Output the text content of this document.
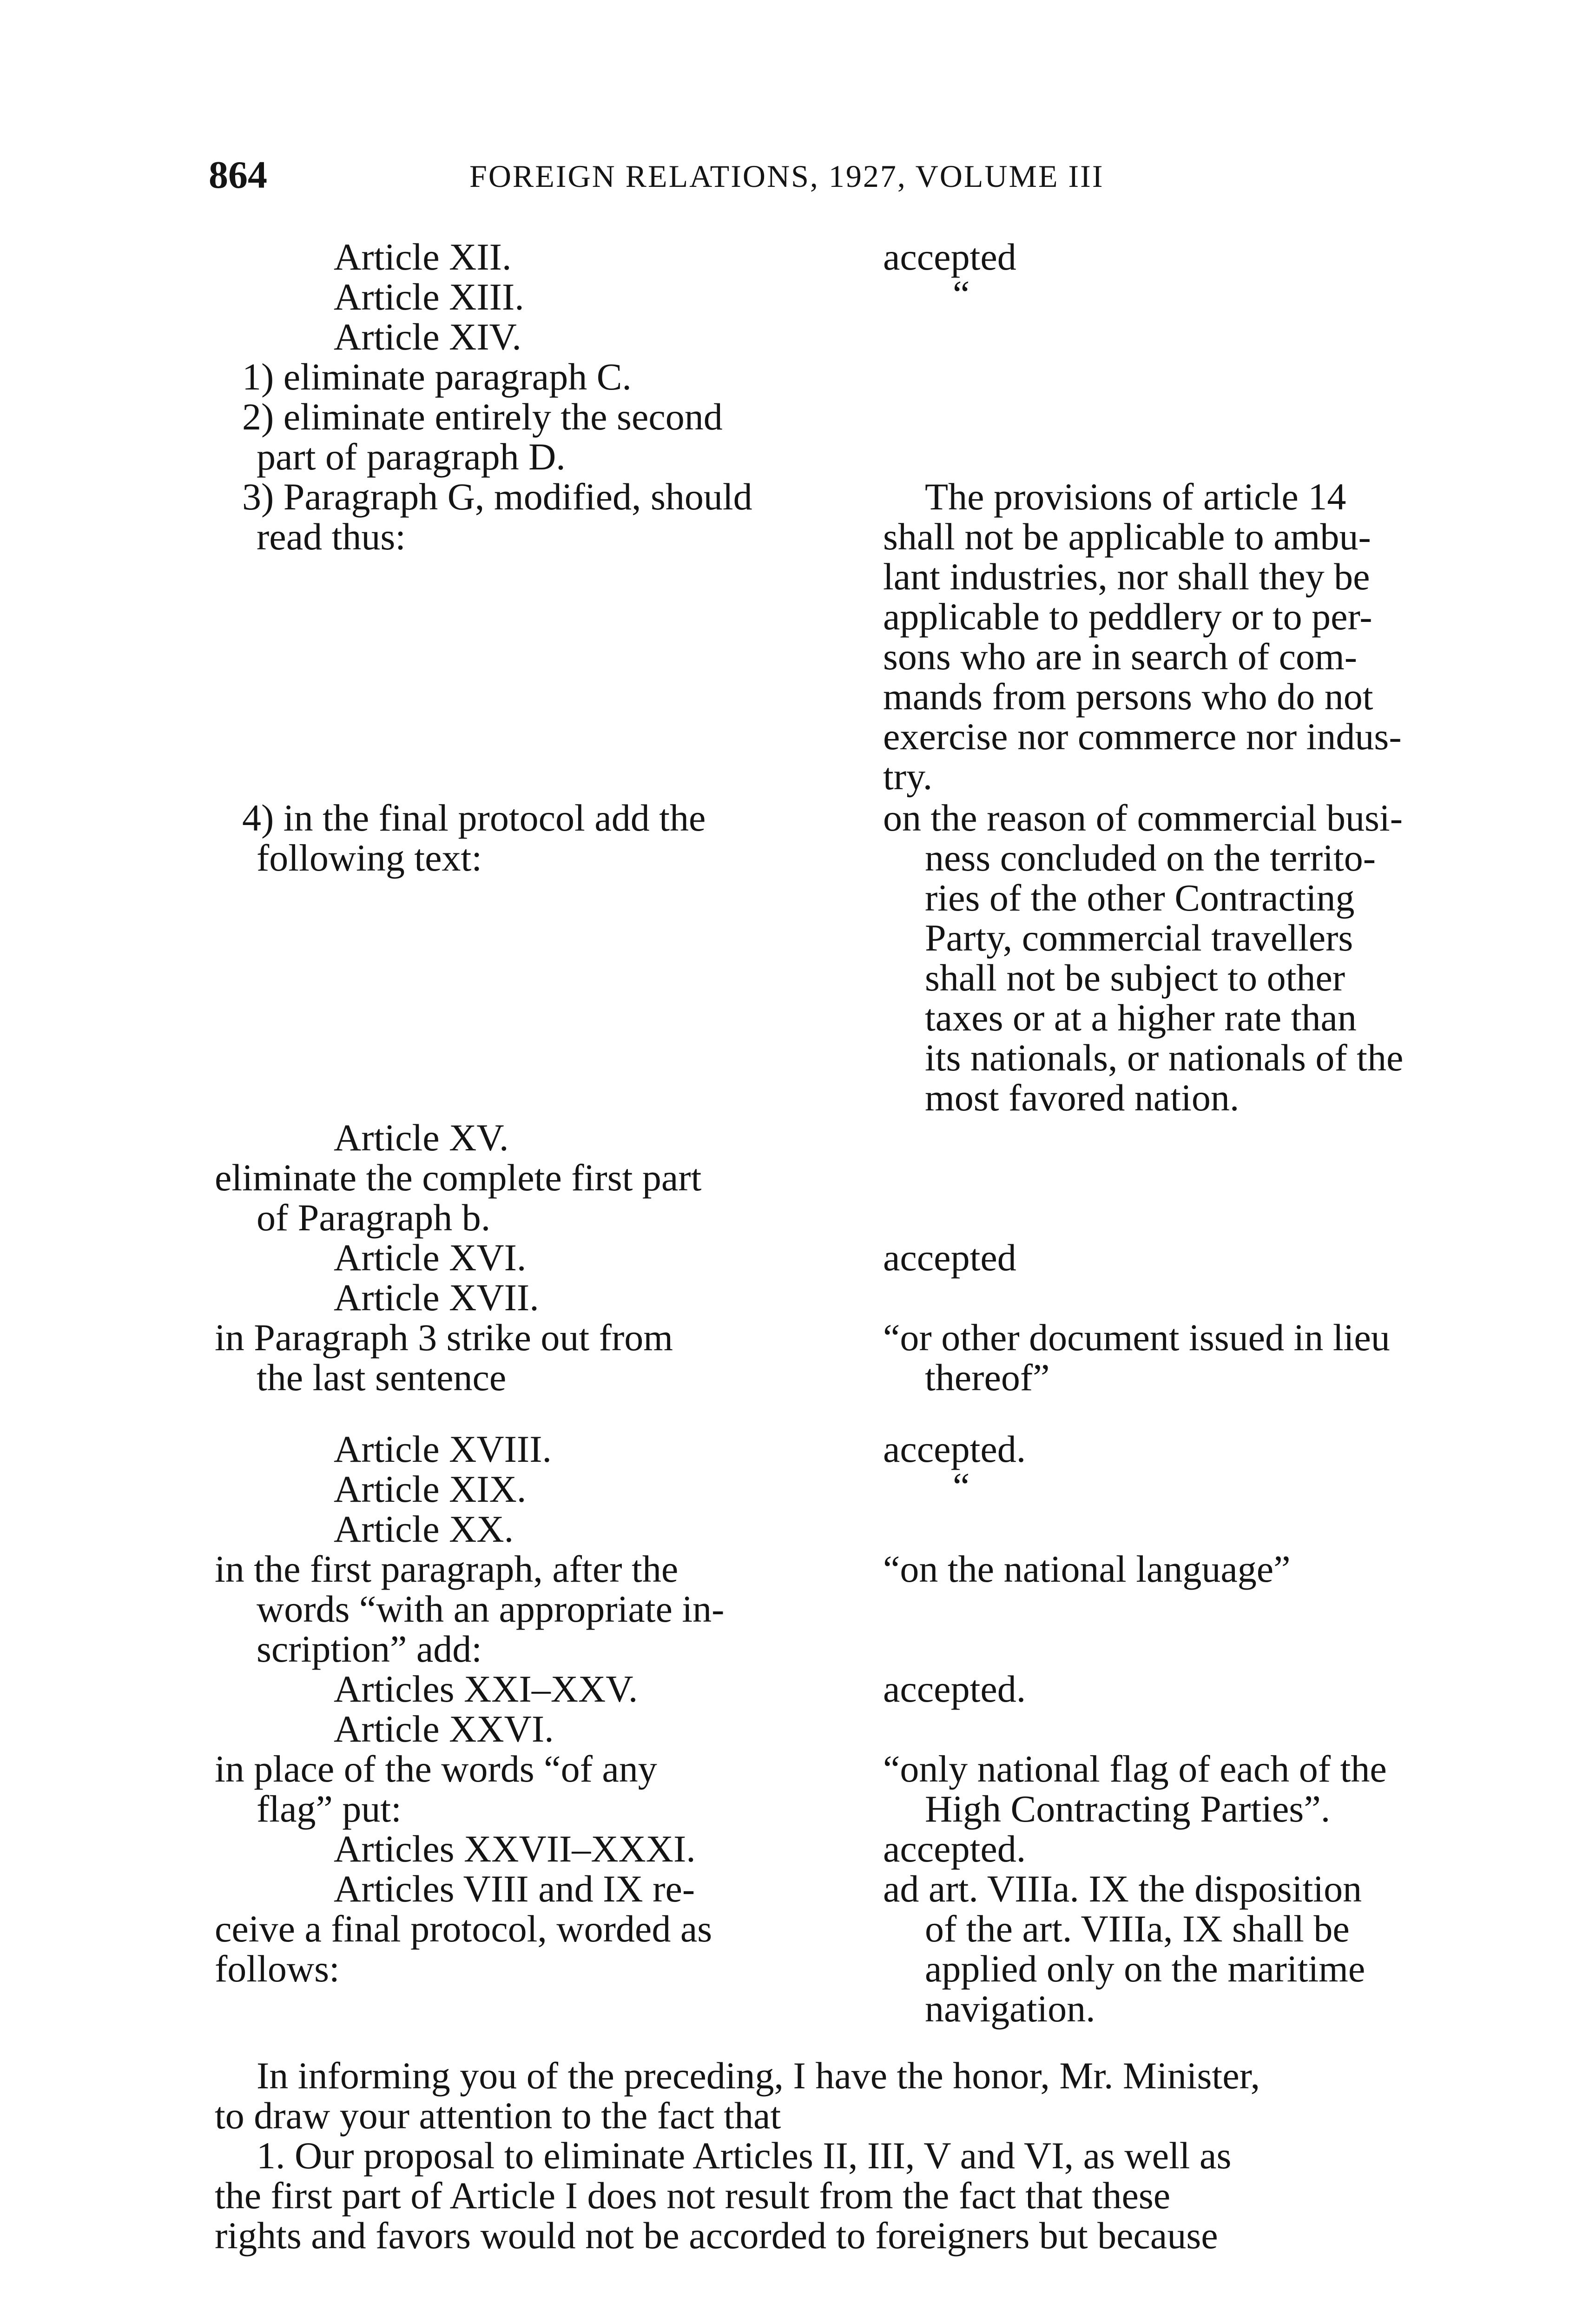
864	FOREIGN RELATIONS, 1927, VOLUME III
Article XII.
Article XIII.
Article XIV.
1) eliminate paragraph C.
2) eliminate entirely the second
part of paragraph D.
3) Paragraph G, modified, should
read thus:
4) in the final protocol add the
following text:
Article XV.
eliminate the complete first part
of Paragraph b.
Article XVI.
Article XVII.
in Paragraph 3 strike out from
the last sentence
Article XVIII.
Article XIX.
Article XX.
in the first paragraph, after the
words “with an appropriate in-
scription” add:
Articles XXI–XXV.
Article XXVI.
in place of the words “of any
flag” put:
Articles XXVII–XXXI.
Articles VIII and IX re-
ceive a final protocol, worded as
follows:
accepted
“
The provisions of article 14
shall not be applicable to ambu-
lant industries, nor shall they be
applicable to peddlery or to per-
sons who are in search of com-
mands from persons who do not
exercise nor commerce nor indus-
try.
on the reason of commercial busi-
ness concluded on the territo-
ries of the other Contracting
Party, commercial travellers
shall not be subject to other
taxes or at a higher rate than
its nationals, or nationals of the
most favored nation.
accepted
“or other document issued in lieu
thereof”
accepted.
“
“on the national language”
accepted.
“only national flag of each of the
High Contracting Parties”.
accepted.
ad art. VIIIa. IX the disposition
of the art. VIIIa, IX shall be
applied only on the maritime
navigation.
In informing you of the preceding, I have the honor, Mr. Minister,
to draw your attention to the fact that
1. Our proposal to eliminate Articles II, III, V and VI, as well as
the first part of Article I does not result from the fact that these
rights and favors would not be accorded to foreigners but because
